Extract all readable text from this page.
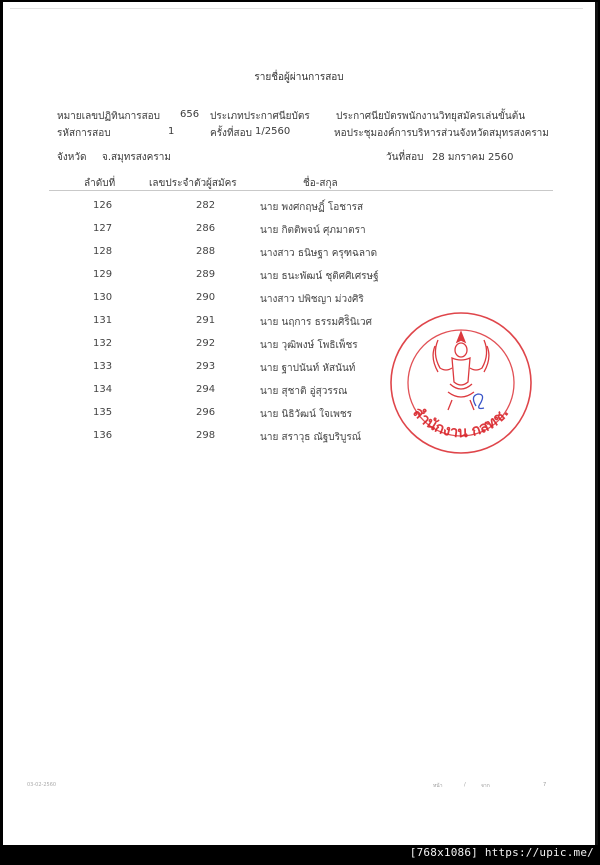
รายชื่อผู้ผ่านการสอบ
หมายเลขปฏิทินการสอบ 656 ประเภทประกาศนียบัตร	ประกาศนียบัตรพนักงานวิทยุสมัครเล่นขั้นต้น
รหัสการสอบ	1	ครั้งที่สอบ 1/2560	หอประชุมองค์การบริหารส่วนจังหวัดสมุทรสงคราม
จังหวัด จ.สมุทรสงคราม	วันที่สอบ 28 มกราคม 2560
ลำดับที่	เลขประจำตัวผู้สมัคร	ชื่อ-สกุล
126	282	นาย พงศกฤษฏิ์ โอชารส
127	286	นาย กิตติพจน์ ศุภมาตรา
128	288	นางสาว ธนิษฐา ครุฑฉลาด
129	289	นาย ธนะพัฒน์ ชุติศศิเศรษฐ์
130	290	นางสาว ปพิชญา ม่วงศิริ
131	291	นาย นฤการ ธรรมศิริินิเวศ
132	292	นาย วุฒิพงษ์ โพธิเพ็ชร
133	293	นาย ฐาปนันท์ หัสนันท์
134	294	นาย สุชาติ อู่สุวรรณ
135	296	นาย นิธิวัฒน์ ใจเพชร
136	298	นาย สราวุธ ณัฐบริบูรณ์
สำนักงาน กสทช.
03-02-2560	หน้า	/	จาก	7
[768x1086] https://upic.me/
